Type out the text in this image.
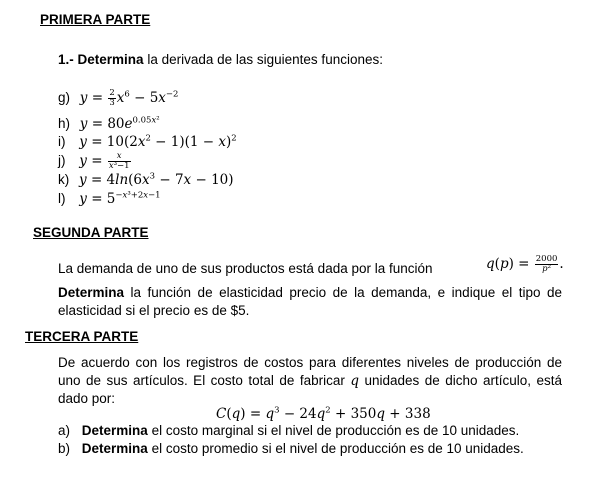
PRIMERA PARTE
1.- Determina la derivada de las siguientes funciones:
g) $y = \frac{2}{3} x^6 - 5x^{-2}$
h) $y = 80e^{0.05x^2}$
i) $y = 10(2x^2 - 1)(1 - x)^2$
j) $y = \frac{x}{\text{x³−1}}$
k) $y = 4\ln(6x^3 - 7x - 10)$
l) $y = 5^{-x^3+2x-1}$
SEGUNDA PARTE
La demanda de uno de sus productos está dada por la función	$q(p) = \frac{2000}{\text{p²}}$ .
Determina la función de elasticidad precio de la demanda, e indique el tipo de elasticidad si el precio es de $5.
TERCERA PARTE
De acuerdo con los registros de costos para diferentes niveles de producción de uno de sus artículos. El costo total de fabricar q unidades de dicho artículo, está dado por:
$C(q) = q^3 - 24q^2 + 350q + 338$
a) Determina el costo marginal si el nivel de producción es de 10 unidades.
b) Determina el costo promedio si el nivel de producción es de 10 unidades.
